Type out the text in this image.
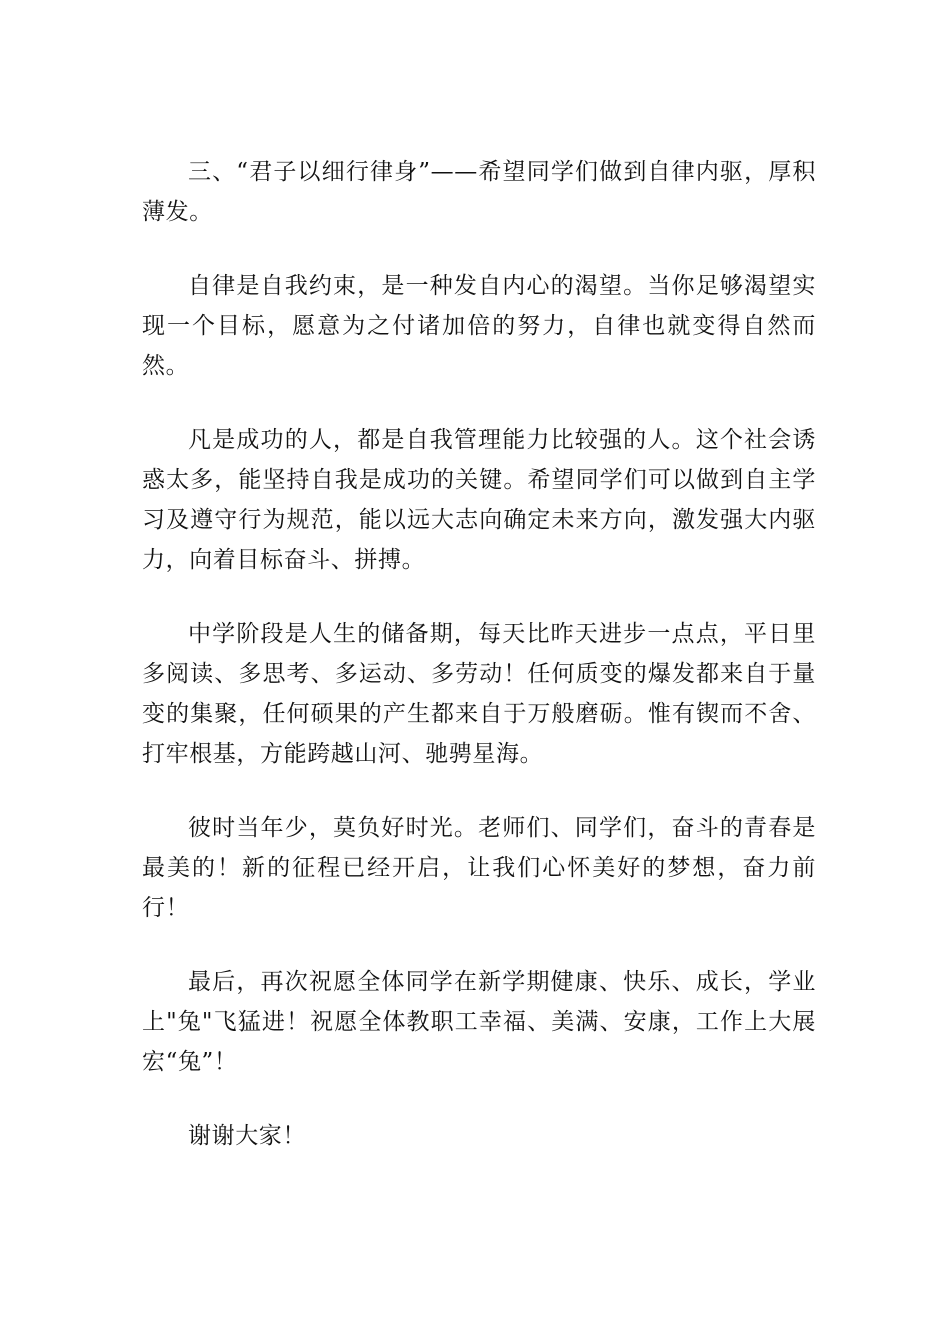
三、“君子以细行律身”——希望同学们做到自律内驱，厚积薄发。

自律是自我约束，是一种发自内心的渴望。当你足够渴望实现一个目标，愿意为之付诸加倍的努力，自律也就变得自然而然。

凡是成功的人，都是自我管理能力比较强的人。这个社会诱惑太多，能坚持自我是成功的关键。希望同学们可以做到自主学习及遵守行为规范，能以远大志向确定未来方向，激发强大内驱力，向着目标奋斗、拼搏。

中学阶段是人生的储备期，每天比昨天进步一点点，平日里多阅读、多思考、多运动、多劳动！任何质变的爆发都来自于量变的集聚，任何硕果的产生都来自于万般磨砺。惟有锲而不舍、打牢根基，方能跨越山河、驰骋星海。

彼时当年少，莫负好时光。老师们、同学们，奋斗的青春是最美的！新的征程已经开启，让我们心怀美好的梦想，奋力前行！

最后，再次祝愿全体同学在新学期健康、快乐、成长，学业上"兔"飞猛进！祝愿全体教职工幸福、美满、安康，工作上大展宏“兔”！

谢谢大家！
